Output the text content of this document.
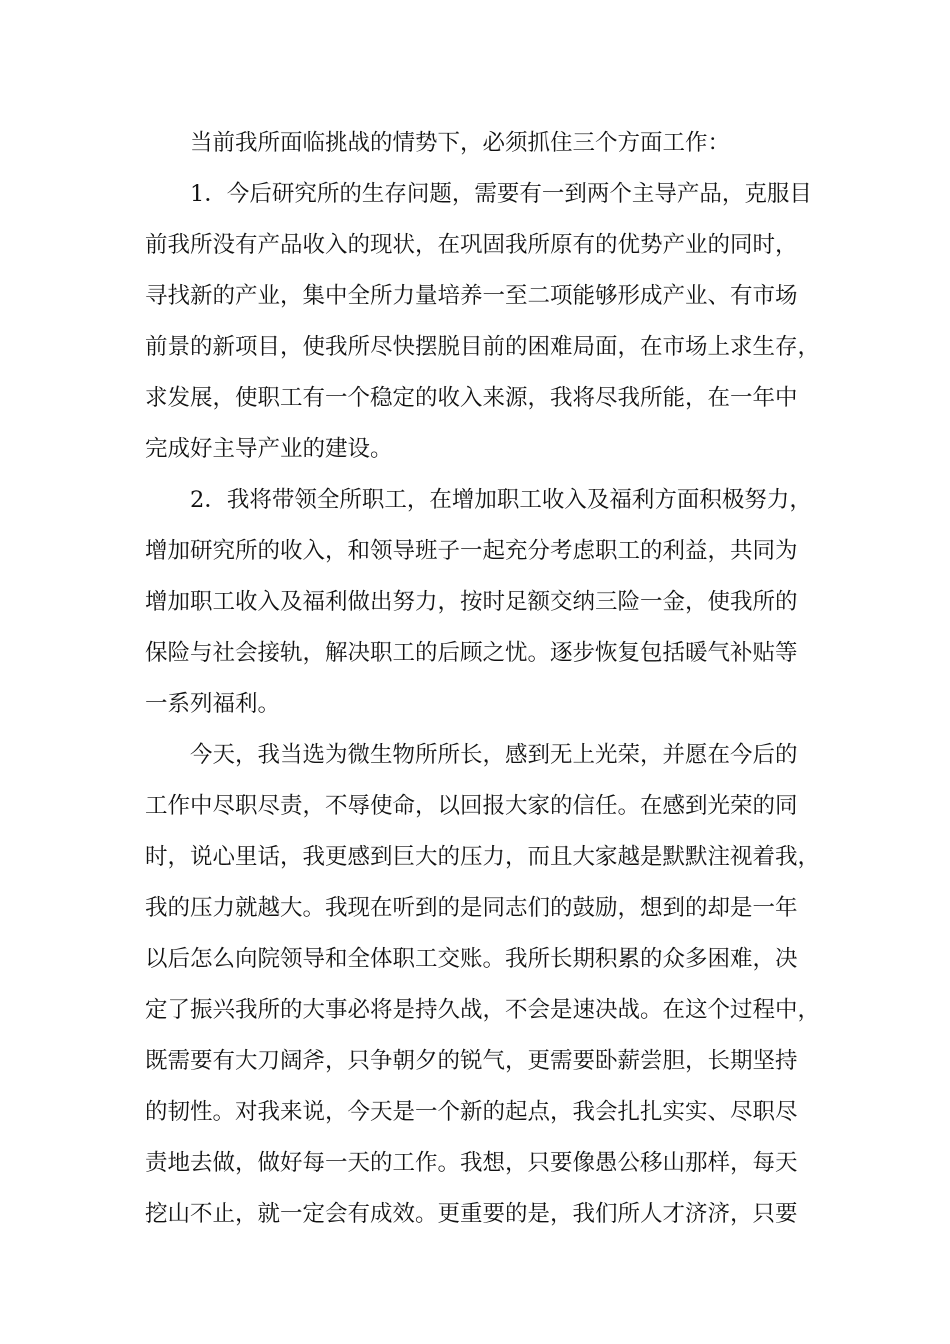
当前我所面临挑战的情势下，必须抓住三个方面工作：
1．今后研究所的生存问题，需要有一到两个主导产品，克服目
前我所没有产品收入的现状，在巩固我所原有的优势产业的同时，
寻找新的产业，集中全所力量培养一至二项能够形成产业、有市场
前景的新项目，使我所尽快摆脱目前的困难局面，在市场上求生存，
求发展，使职工有一个稳定的收入来源，我将尽我所能，在一年中
完成好主导产业的建设。
2．我将带领全所职工，在增加职工收入及福利方面积极努力，
增加研究所的收入，和领导班子一起充分考虑职工的利益，共同为
增加职工收入及福利做出努力，按时足额交纳三险一金，使我所的
保险与社会接轨，解决职工的后顾之忧。逐步恢复包括暖气补贴等
一系列福利。
今天，我当选为微生物所所长，感到无上光荣，并愿在今后的
工作中尽职尽责，不辱使命，以回报大家的信任。在感到光荣的同
时，说心里话，我更感到巨大的压力，而且大家越是默默注视着我，
我的压力就越大。我现在听到的是同志们的鼓励，想到的却是一年
以后怎么向院领导和全体职工交账。我所长期积累的众多困难，决
定了振兴我所的大事必将是持久战，不会是速决战。在这个过程中，
既需要有大刀阔斧，只争朝夕的锐气，更需要卧薪尝胆，长期坚持
的韧性。对我来说，今天是一个新的起点，我会扎扎实实、尽职尽
责地去做，做好每一天的工作。我想，只要像愚公移山那样，每天
挖山不止，就一定会有成效。更重要的是，我们所人才济济，只要
